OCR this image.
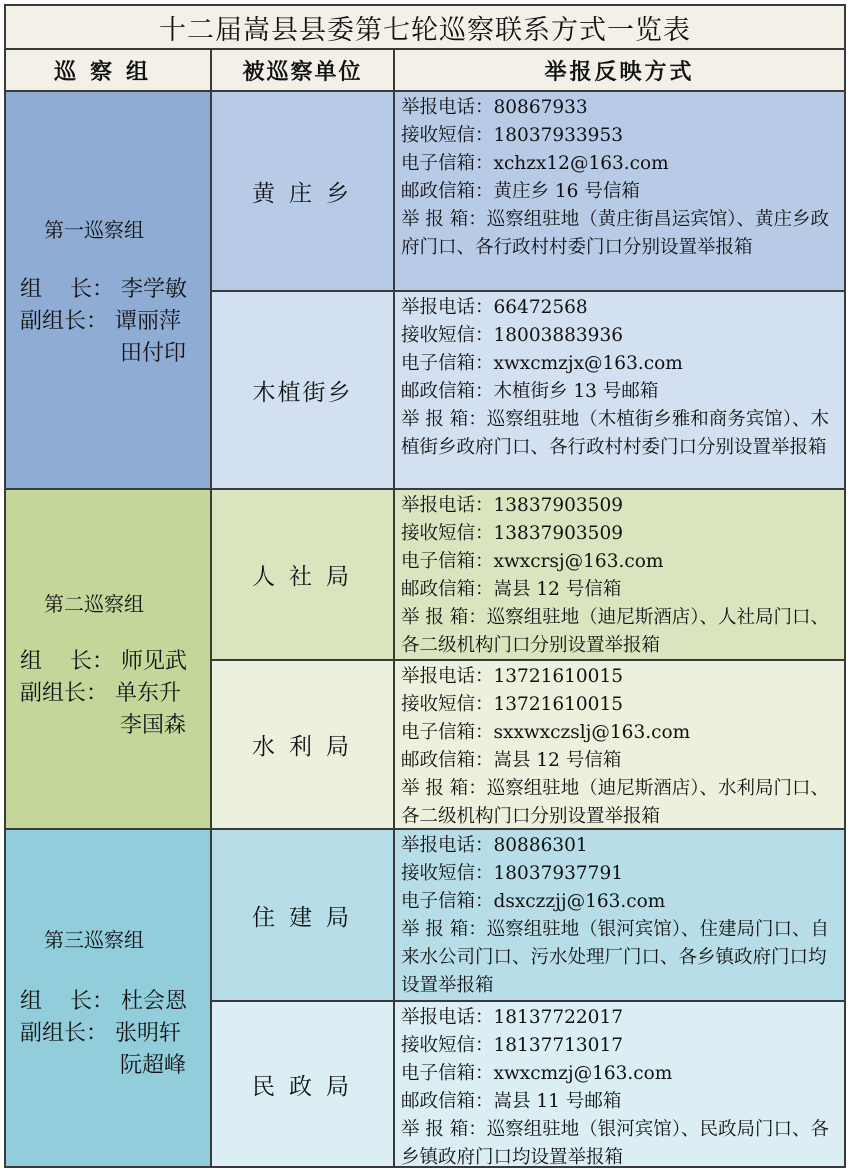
十二届嵩县县委第七轮巡察联系方式一览表
巡察组	被巡察单位	举报反映方式
第一巡察组
组    长： 李学敏
副组长： 谭丽萍
田付印
黄庄乡
举报电话：80867933
接收短信：18037933953
电子信箱：xchzx12@163.com
邮政信箱：黄庄乡 16 号信箱
举 报 箱：巡察组驻地（黄庄街昌运宾馆）、黄庄乡政府门口、各行政村村委门口分别设置举报箱
木植街乡
举报电话：66472568
接收短信：18003883936
电子信箱：xwxcmzjx@163.com
邮政信箱：木植街乡 13 号邮箱
举 报 箱：巡察组驻地（木植街乡雅和商务宾馆）、木植街乡政府门口、各行政村村委门口分别设置举报箱
第二巡察组
组    长： 师见武
副组长： 单东升
李国森
人社局
举报电话：13837903509
接收短信：13837903509
电子信箱：xwxcrsj@163.com
邮政信箱：嵩县 12 号信箱
举 报 箱：巡察组驻地（迪尼斯酒店）、人社局门口、各二级机构门口分别设置举报箱
水利局
举报电话：13721610015
接收短信：13721610015
电子信箱：sxxwxczslj@163.com
邮政信箱：嵩县 12 号信箱
举 报 箱：巡察组驻地（迪尼斯酒店）、水利局门口、各二级机构门口分别设置举报箱
第三巡察组
组    长： 杜会恩
副组长： 张明轩
阮超峰
住建局
举报电话：80886301
接收短信：18037937791
电子信箱：dsxczzjj@163.com
举 报 箱：巡察组驻地（银河宾馆）、住建局门口、自来水公司门口、污水处理厂门口、各乡镇政府门口均设置举报箱
民政局
举报电话：18137722017
接收短信：18137713017
电子信箱：xwxcmzj@163.com
邮政信箱：嵩县 11 号邮箱
举 报 箱：巡察组驻地（银河宾馆）、民政局门口、各乡镇政府门口均设置举报箱
